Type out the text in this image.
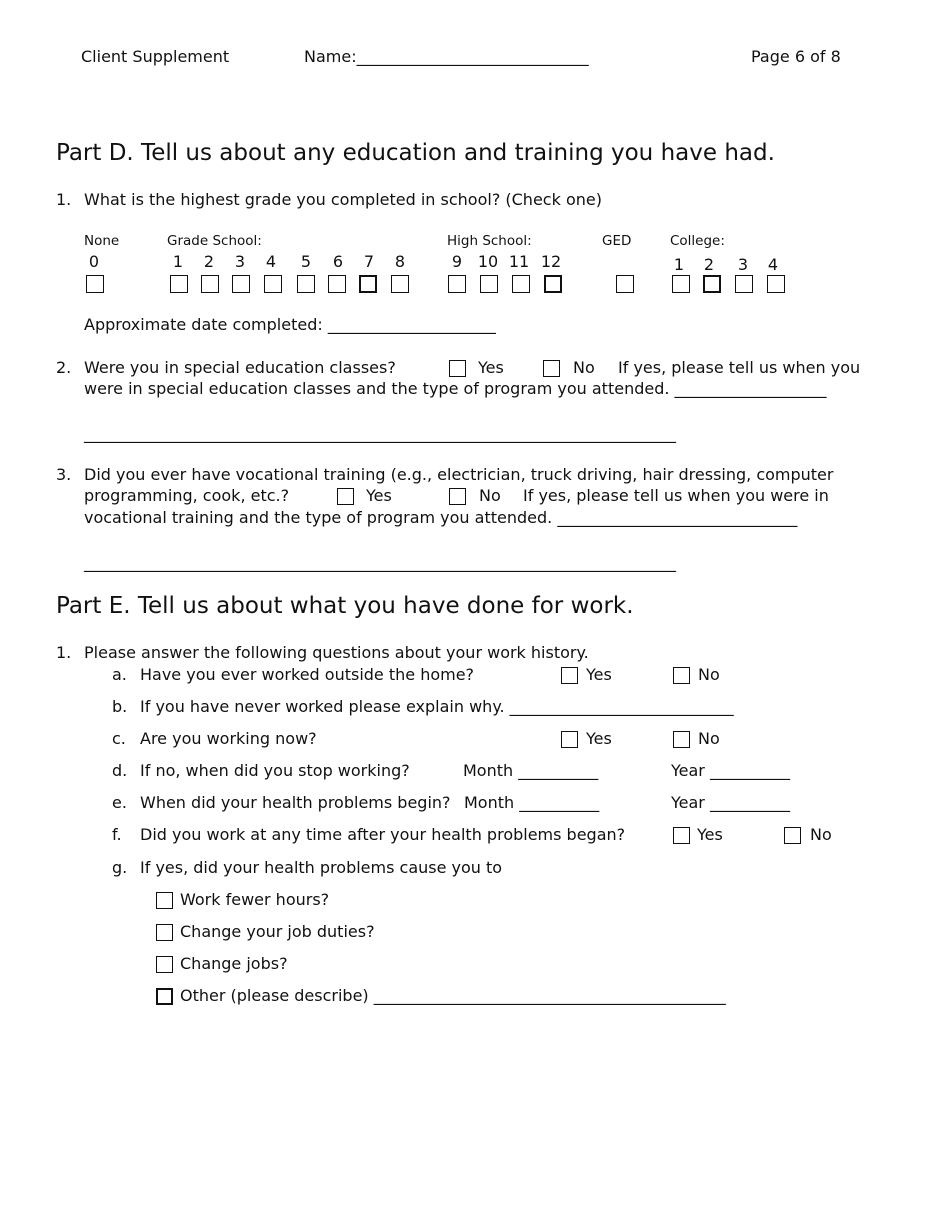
Client Supplement	Name:_____________________________	Page 6 of 8
Part D. Tell us about any education and training you have had.
1. What is the highest grade you completed in school? (Check one)
None	Grade School:	High School:	GED	College:
0	1	2	3	4	5	6	7	8	9 10 11 12	1	2	3	4
Approximate date completed: _____________________
2. Were you in special education classes?	Yes	No If yes, please tell us when you
were in special education classes and the type of program you attended. ___________________
__________________________________________________________________________
3. Did you ever have vocational training (e.g., electrician, truck driving, hair dressing, computer
programming, cook, etc.?	Yes	No If yes, please tell us when you were in
vocational training and the type of program you attended. ______________________________
__________________________________________________________________________
Part E. Tell us about what you have done for work.
1. Please answer the following questions about your work history.
a. Have you ever worked outside the home?	Yes	No
b. If you have never worked please explain why. ____________________________
c. Are you working now?	Yes	No
d. If no, when did you stop working?	Month __________	Year __________
e. When did your health problems begin? Month __________	Year __________
f. Did you work at any time after your health problems began?	Yes	No
g. If yes, did your health problems cause you to
Work fewer hours?
Change your job duties?
Change jobs?
Other (please describe) ____________________________________________
